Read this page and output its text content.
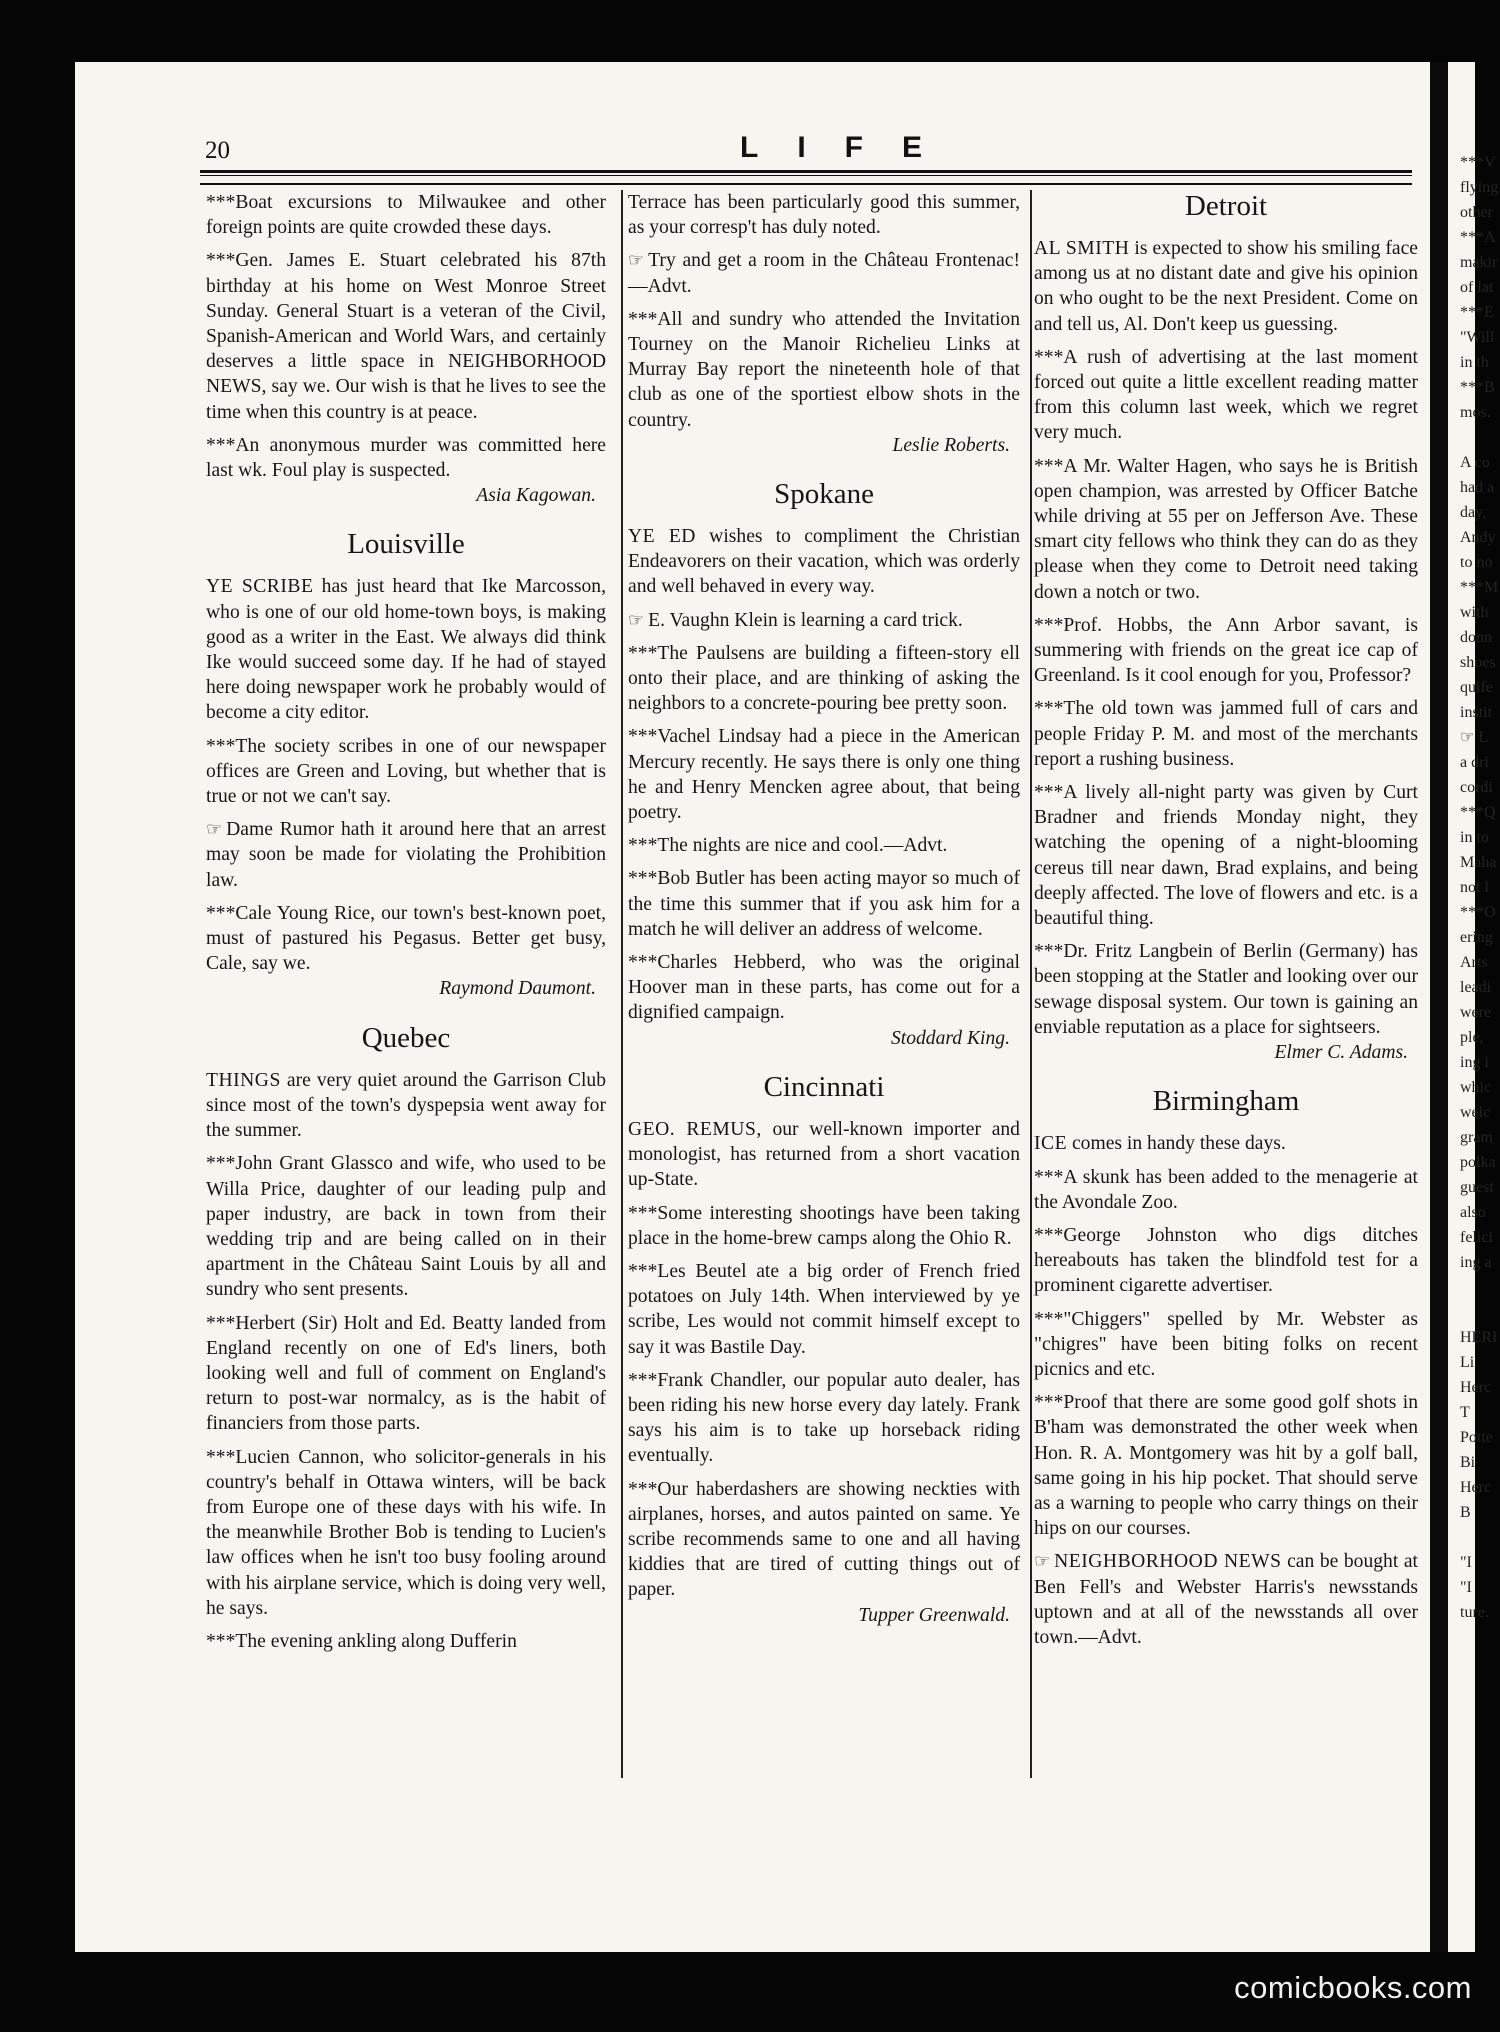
20	LIFE

***Boat excursions to Milwaukee and other foreign points are quite crowded these days.

***Gen. James E. Stuart celebrated his 87th birthday at his home on West Monroe Street Sunday. General Stuart is a veteran of the Civil, Spanish-American and World Wars, and certainly deserves a little space in NEIGHBORHOOD NEWS, say we. Our wish is that he lives to see the time when this country is at peace.

***An anonymous murder was committed here last wk. Foul play is suspected.

Asia Kagowan.

Louisville

YE SCRIBE has just heard that Ike Marcosson, who is one of our old home-town boys, is making good as a writer in the East. We always did think Ike would succeed some day. If he had of stayed here doing newspaper work he probably would of become a city editor.

***The society scribes in one of our newspaper offices are Green and Loving, but whether that is true or not we can't say.

☞ Dame Rumor hath it around here that an arrest may soon be made for violating the Prohibition law.

***Cale Young Rice, our town's best-known poet, must of pastured his Pegasus. Better get busy, Cale, say we.

Raymond Daumont.

Quebec

THINGS are very quiet around the Garrison Club since most of the town's dyspepsia went away for the summer.

***John Grant Glassco and wife, who used to be Willa Price, daughter of our leading pulp and paper industry, are back in town from their wedding trip and are being called on in their apartment in the Château Saint Louis by all and sundry who sent presents.

***Herbert (Sir) Holt and Ed. Beatty landed from England recently on one of Ed's liners, both looking well and full of comment on England's return to post-war normalcy, as is the habit of financiers from those parts.

***Lucien Cannon, who solicitor-generals in his country's behalf in Ottawa winters, will be back from Europe one of these days with his wife. In the meanwhile Brother Bob is tending to Lucien's law offices when he isn't too busy fooling around with his airplane service, which is doing very well, he says.

***The evening ankling along Dufferin

Terrace has been particularly good this summer, as your corresp't has duly noted.

☞ Try and get a room in the Château Frontenac!—Advt.

***All and sundry who attended the Invitation Tourney on the Manoir Richelieu Links at Murray Bay report the nineteenth hole of that club as one of the sportiest elbow shots in the country.

Leslie Roberts.

Spokane

YE ED wishes to compliment the Christian Endeavorers on their vacation, which was orderly and well behaved in every way.

☞ E. Vaughn Klein is learning a card trick.

***The Paulsens are building a fifteen-story ell onto their place, and are thinking of asking the neighbors to a concrete-pouring bee pretty soon.

***Vachel Lindsay had a piece in the American Mercury recently. He says there is only one thing he and Henry Mencken agree about, that being poetry.

***The nights are nice and cool.—Advt.

***Bob Butler has been acting mayor so much of the time this summer that if you ask him for a match he will deliver an address of welcome.

***Charles Hebberd, who was the original Hoover man in these parts, has come out for a dignified campaign.

Stoddard King.

Cincinnati

GEO. REMUS, our well-known importer and monologist, has returned from a short vacation up-State.

***Some interesting shootings have been taking place in the home-brew camps along the Ohio R.

***Les Beutel ate a big order of French fried potatoes on July 14th. When interviewed by ye scribe, Les would not commit himself except to say it was Bastile Day.

***Frank Chandler, our popular auto dealer, has been riding his new horse every day lately. Frank says his aim is to take up horseback riding eventually.

***Our haberdashers are showing neckties with airplanes, horses, and autos painted on same. Ye scribe recommends same to one and all having kiddies that are tired of cutting things out of paper.

Tupper Greenwald.

Detroit

AL SMITH is expected to show his smiling face among us at no distant date and give his opinion on who ought to be the next President. Come on and tell us, Al. Don't keep us guessing.

***A rush of advertising at the last moment forced out quite a little excellent reading matter from this column last week, which we regret very much.

***A Mr. Walter Hagen, who says he is British open champion, was arrested by Officer Batche while driving at 55 per on Jefferson Ave. These smart city fellows who think they can do as they please when they come to Detroit need taking down a notch or two.

***Prof. Hobbs, the Ann Arbor savant, is summering with friends on the great ice cap of Greenland. Is it cool enough for you, Professor?

***The old town was jammed full of cars and people Friday P. M. and most of the merchants report a rushing business.

***A lively all-night party was given by Curt Bradner and friends Monday night, they watching the opening of a night-blooming cereus till near dawn, Brad explains, and being deeply affected. The love of flowers and etc. is a beautiful thing.

***Dr. Fritz Langbein of Berlin (Germany) has been stopping at the Statler and looking over our sewage disposal system. Our town is gaining an enviable reputation as a place for sightseers.

Elmer C. Adams.

Birmingham

ICE comes in handy these days.

***A skunk has been added to the menagerie at the Avondale Zoo.

***George Johnston who digs ditches hereabouts has taken the blindfold test for a prominent cigarette advertiser.

***"Chiggers" spelled by Mr. Webster as "chigres" have been biting folks on recent picnics and etc.

***Proof that there are some good golf shots in B'ham was demonstrated the other week when Hon. R. A. Montgomery was hit by a golf ball, same going in his hip pocket. That should serve as a warning to people who carry things on their hips on our courses.

☞ NEIGHBORHOOD NEWS can be bought at Ben Fell's and Webster Harris's newsstands uptown and at all of the newsstands all over town.—Advt.

***V
flying
other
***A
makir
of lat
***E
"Will
in th
***B
mos.

A co
had a
day,
Andy
to no
***M
with
donn
shoes
quife
instit
☞ L
a dri
cordi
***Q
in to
Maha
not l
***O
ering
Arts
leadi
were
ple,
ing i
whic
welc
gram
polka
guest
also
felici
ing a

HERI
Li
Herc
T
Potte
Bi
Herc
B

"I
"I
ture.
comicbooks.com
